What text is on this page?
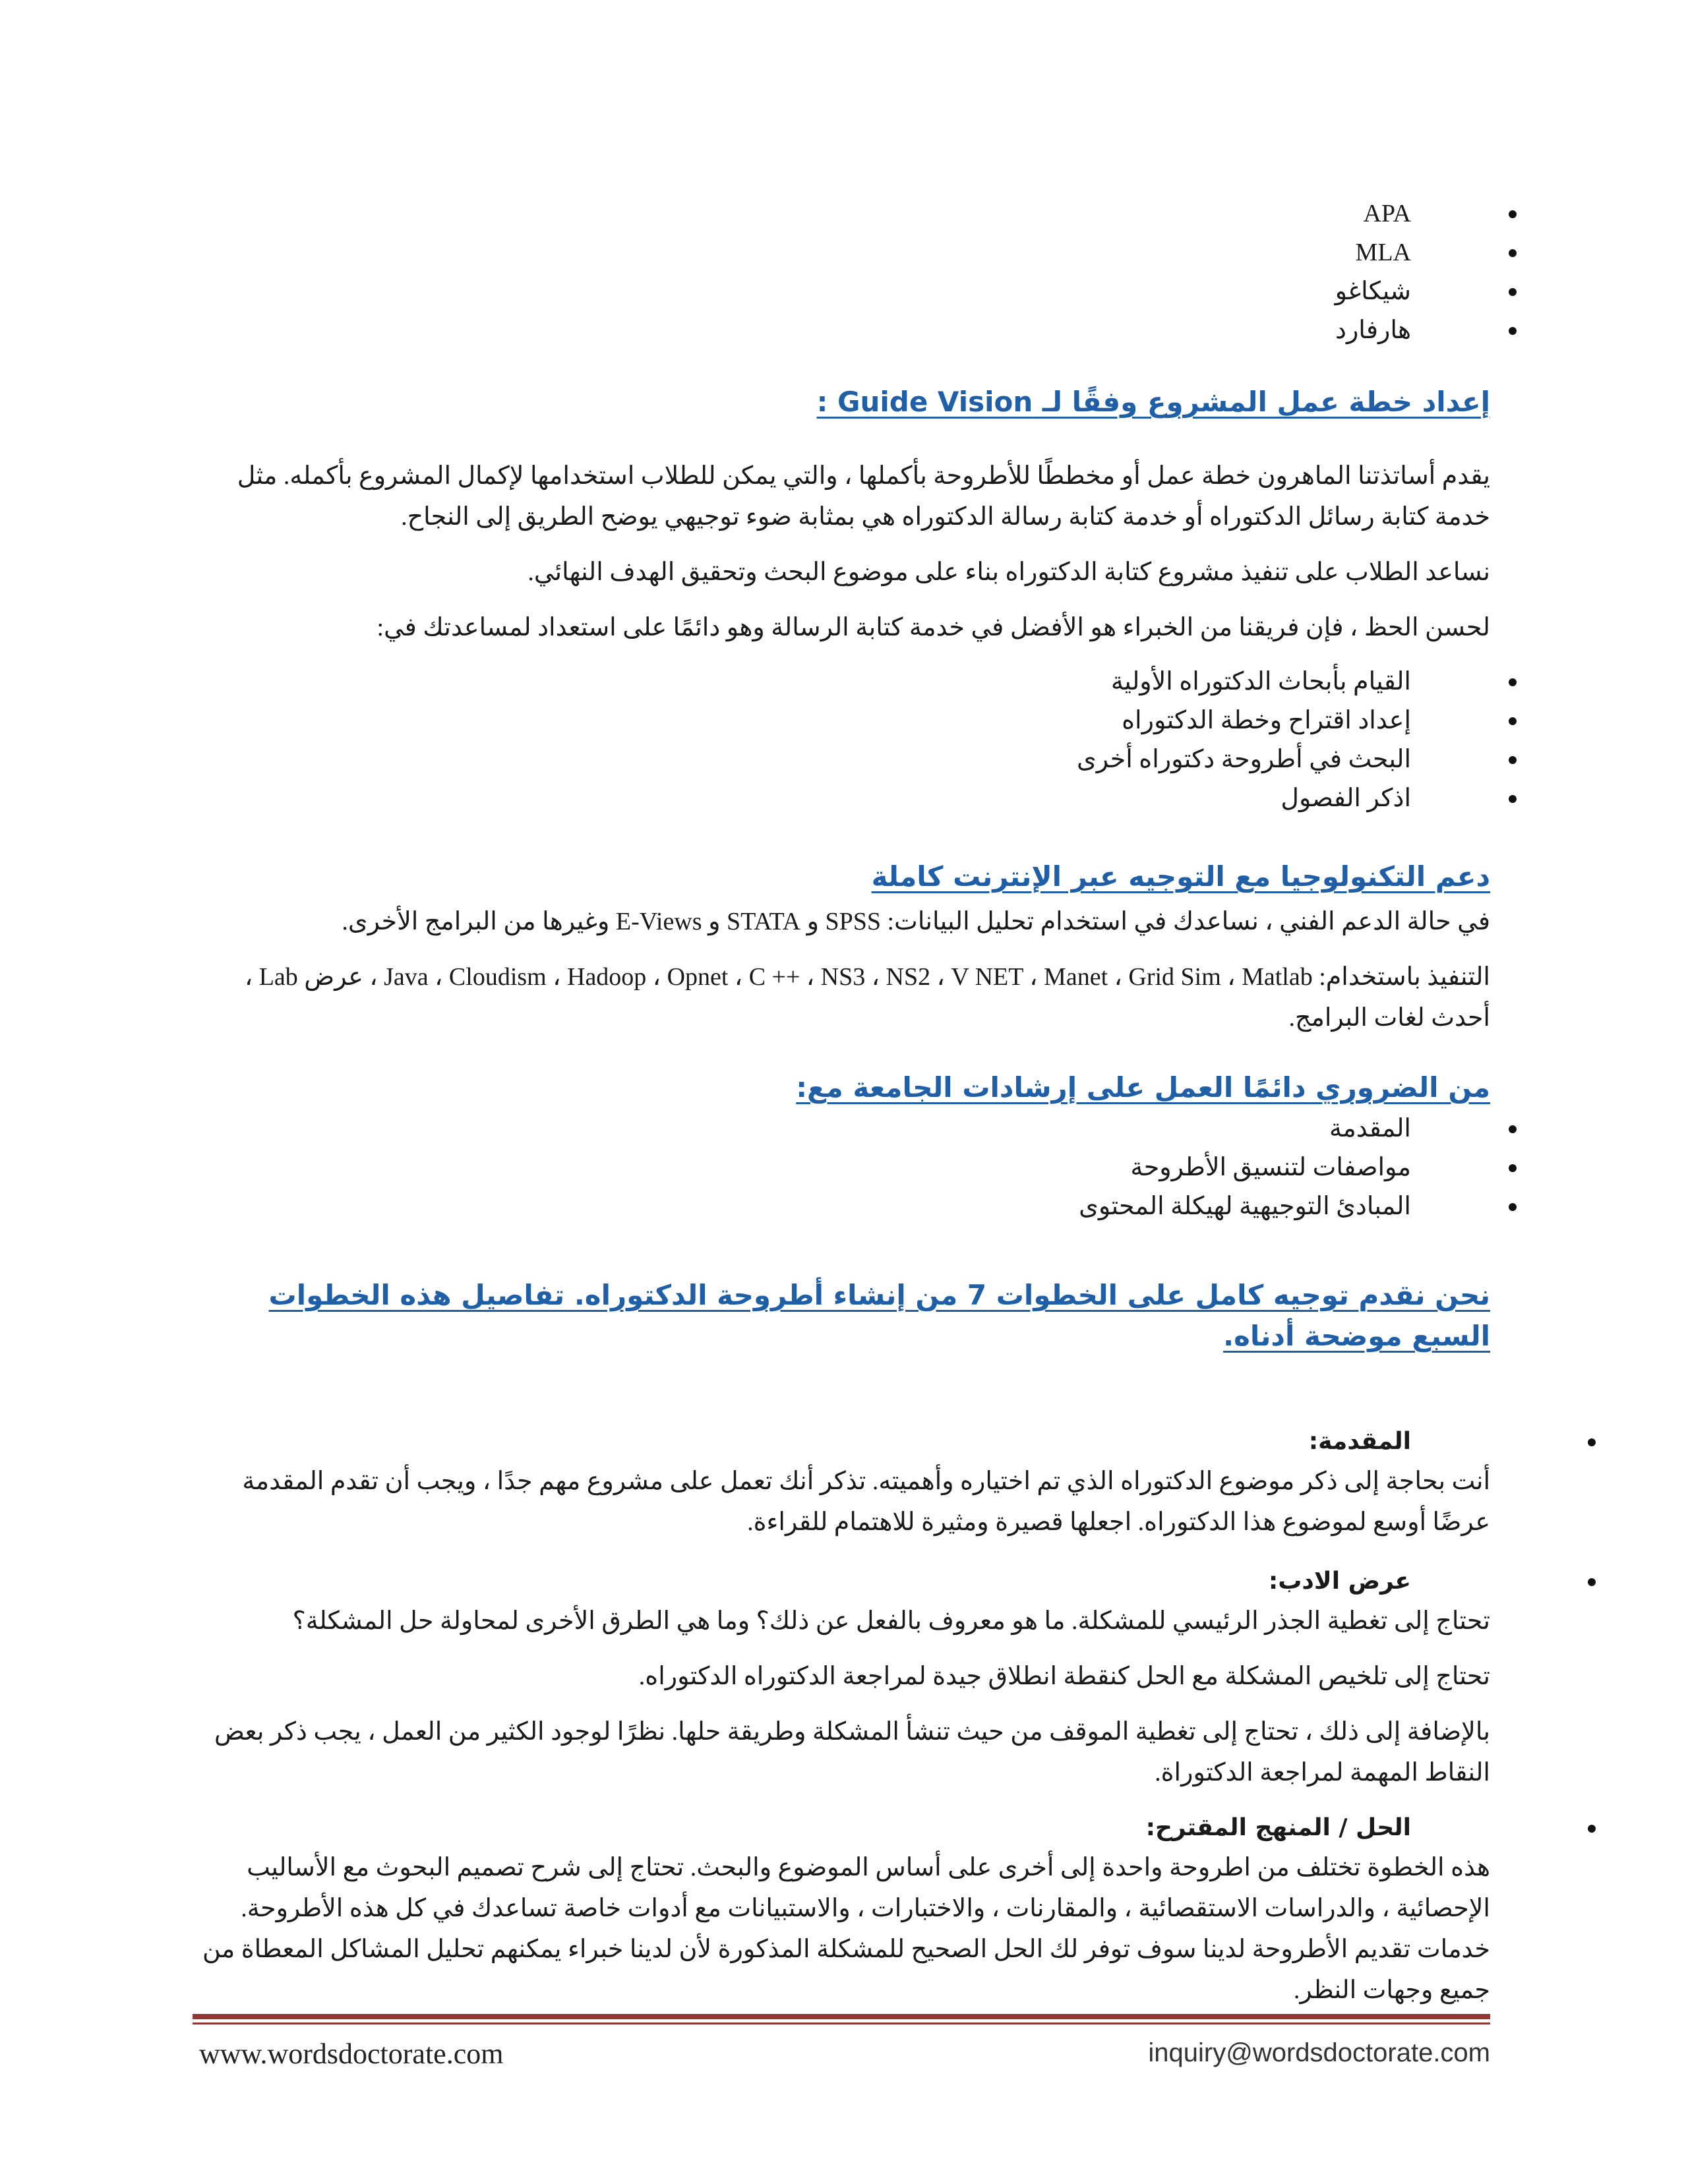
APA
MLA
شيكاغو
هارفارد
إعداد خطة عمل المشروع وفقًا لـ Guide Vision :

يقدم أساتذتنا الماهرون خطة عمل أو مخططًا للأطروحة بأكملها ، والتي يمكن للطلاب استخدامها لإكمال المشروع بأكمله. مثل خدمة كتابة رسائل الدكتوراه أو خدمة كتابة رسالة الدكتوراه هي بمثابة ضوء توجيهي يوضح الطريق إلى النجاح.

نساعد الطلاب على تنفيذ مشروع كتابة الدكتوراه بناء على موضوع البحث وتحقيق الهدف النهائي.

لحسن الحظ ، فإن فريقنا من الخبراء هو الأفضل في خدمة كتابة الرسالة وهو دائمًا على استعداد لمساعدتك في:

القيام بأبحاث الدكتوراه الأولية
إعداد اقتراح وخطة الدكتوراه
البحث في أطروحة دكتوراه أخرى
اذكر الفصول
دعم التكنولوجيا مع التوجيه عبر الإنترنت كاملة

في حالة الدعم الفني ، نساعدك في استخدام تحليل البيانات: SPSS و STATA و E-Views وغيرها من البرامج الأخرى.

التنفيذ باستخدام: Java ، Cloudism ، Hadoop ، Opnet ، C ++ ، NS3 ، NS2 ، V NET ، Manet ، Grid Sim ، Matlab ، عرض Lab ، أحدث لغات البرامج.

من الضروري دائمًا العمل على إرشادات الجامعة مع:
المقدمة
مواصفات لتنسيق الأطروحة
المبادئ التوجيهية لهيكلة المحتوى
نحن نقدم توجيه كامل على الخطوات 7 من إنشاء أطروحة الدكتوراه. تفاصيل هذه الخطوات السبع موضحة أدناه.
المقدمة:

أنت بحاجة إلى ذكر موضوع الدكتوراه الذي تم اختياره وأهميته. تذكر أنك تعمل على مشروع مهم جدًا ، ويجب أن تقدم المقدمة عرضًا أوسع لموضوع هذا الدكتوراه. اجعلها قصيرة ومثيرة للاهتمام للقراءة.

عرض الادب:

تحتاج إلى تغطية الجذر الرئيسي للمشكلة. ما هو معروف بالفعل عن ذلك؟ وما هي الطرق الأخرى لمحاولة حل المشكلة؟

تحتاج إلى تلخيص المشكلة مع الحل كنقطة انطلاق جيدة لمراجعة الدكتوراه الدكتوراه.

بالإضافة إلى ذلك ، تحتاج إلى تغطية الموقف من حيث تنشأ المشكلة وطريقة حلها. نظرًا لوجود الكثير من العمل ، يجب ذكر بعض النقاط المهمة لمراجعة الدكتوراة.

الحل / المنهج المقترح:

هذه الخطوة تختلف من اطروحة واحدة إلى أخرى على أساس الموضوع والبحث. تحتاج إلى شرح تصميم البحوث مع الأساليب الإحصائية ، والدراسات الاستقصائية ، والمقارنات ، والاختبارات ، والاستبيانات مع أدوات خاصة تساعدك في كل هذه الأطروحة. خدمات تقديم الأطروحة لدينا سوف توفر لك الحل الصحيح للمشكلة المذكورة لأن لدينا خبراء يمكنهم تحليل المشاكل المعطاة من جميع وجهات النظر.

www.wordsdoctorate.com	inquiry@wordsdoctorate.com
